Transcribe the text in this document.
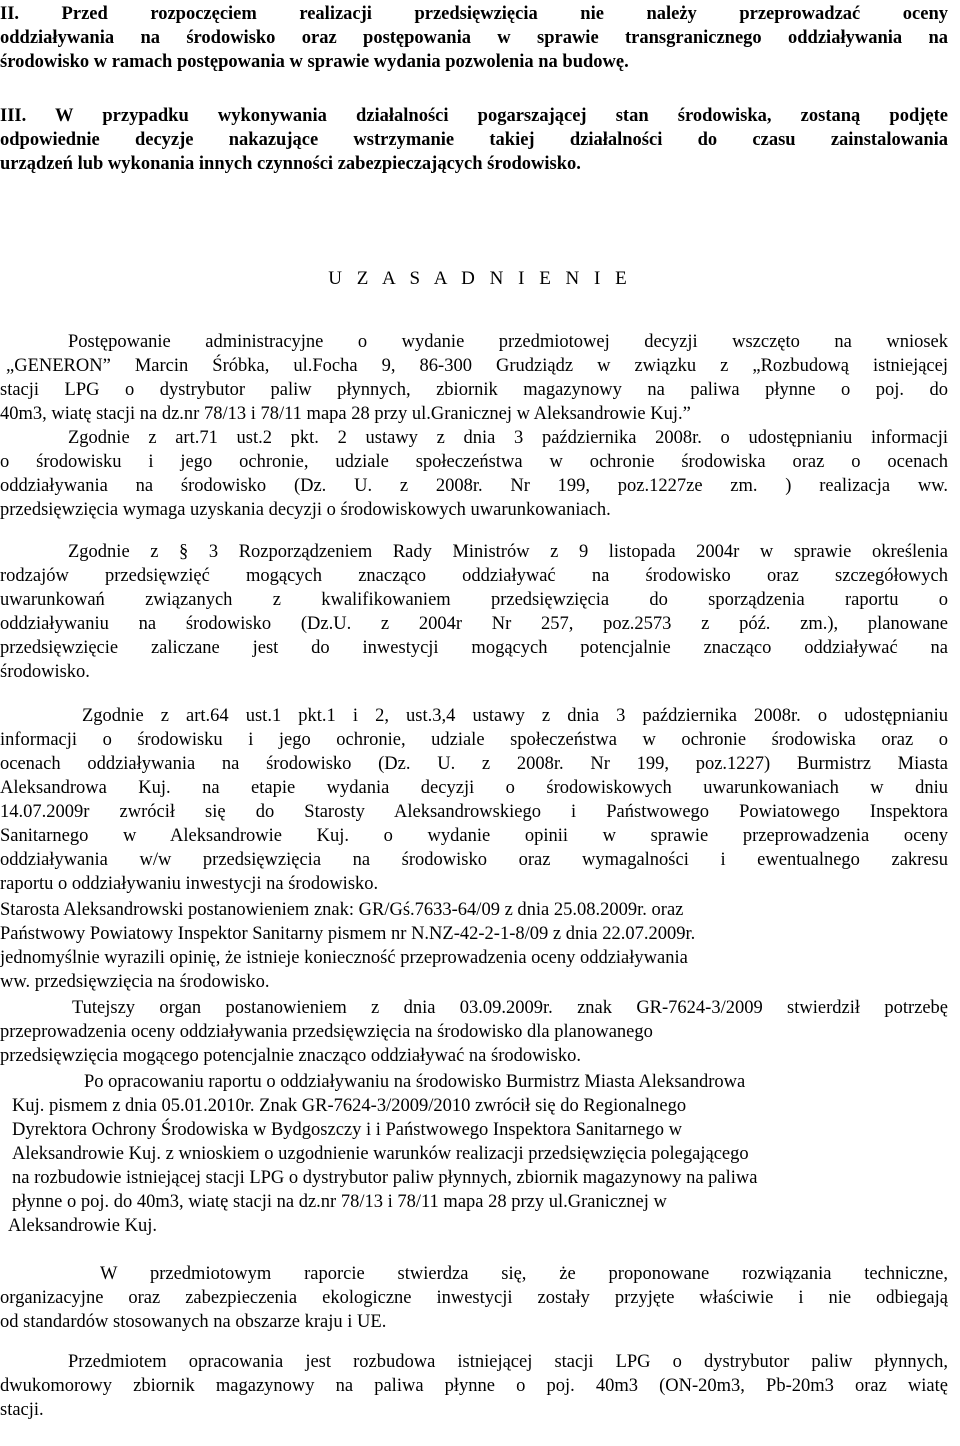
II. Przed rozpoczęciem realizacji przedsięwzięcia nie należy przeprowadzać oceny
oddziaływania na środowisko oraz postępowania w sprawie transgranicznego oddziaływania na
środowisko w ramach postępowania w sprawie wydania pozwolenia na budowę.
III. W przypadku wykonywania działalności pogarszającej stan środowiska, zostaną podjęte
odpowiednie decyzje nakazujące wstrzymanie takiej działalności do czasu zainstalowania
urządzeń lub wykonania innych czynności zabezpieczających środowisko.
Postępowanie administracyjne o wydanie przedmiotowej decyzji wszczęto na wniosek
„GENERON” Marcin Śróbka, ul.Focha 9, 86-300 Grudziądz w związku z „Rozbudową istniejącej
stacji LPG o dystrybutor paliw płynnych, zbiornik magazynowy na paliwa płynne o poj. do
40m3, wiatę stacji na dz.nr 78/13 i 78/11 mapa 28 przy ul.Granicznej w Aleksandrowie Kuj.”
Zgodnie z art.71 ust.2 pkt. 2 ustawy z dnia 3 października 2008r. o udostępnianiu informacji
o środowisku i jego ochronie, udziale społeczeństwa w ochronie środowiska oraz o ocenach
oddziaływania na środowisko (Dz. U. z 2008r. Nr 199, poz.1227ze zm. ) realizacja ww.
przedsięwzięcia wymaga uzyskania decyzji o środowiskowych uwarunkowaniach.
Zgodnie z § 3 Rozporządzeniem Rady Ministrów z 9 listopada 2004r w sprawie określenia
rodzajów przedsięwzięć mogących znacząco oddziaływać na środowisko oraz szczegółowych
uwarunkowań związanych z kwalifikowaniem przedsięwzięcia do sporządzenia raportu o
oddziaływaniu na środowisko (Dz.U. z 2004r Nr 257, poz.2573 z póź. zm.), planowane
przedsięwzięcie zaliczane jest do inwestycji mogących potencjalnie znacząco oddziaływać na
środowisko.
Zgodnie z art.64 ust.1 pkt.1 i 2, ust.3,4 ustawy z dnia 3 października 2008r. o udostępnianiu
informacji o środowisku i jego ochronie, udziale społeczeństwa w ochronie środowiska oraz o
ocenach oddziaływania na środowisko (Dz. U. z 2008r. Nr 199, poz.1227) Burmistrz Miasta
Aleksandrowa Kuj. na etapie wydania decyzji o środowiskowych uwarunkowaniach w dniu
14.07.2009r zwrócił się do Starosty Aleksandrowskiego i Państwowego Powiatowego Inspektora
Sanitarnego w Aleksandrowie Kuj. o wydanie opinii w sprawie przeprowadzenia oceny
oddziaływania w/w przedsięwzięcia na środowisko oraz wymagalności i ewentualnego zakresu
raportu o oddziaływaniu inwestycji na środowisko.
Starosta Aleksandrowski postanowieniem znak: GR/Gś.7633-64/09 z dnia 25.08.2009r. oraz
Państwowy Powiatowy Inspektor Sanitarny pismem nr N.NZ-42-2-1-8/09 z dnia 22.07.2009r.
jednomyślnie wyrazili opinię, że istnieje konieczność przeprowadzenia oceny oddziaływania
ww. przedsięwzięcia na środowisko.
Tutejszy organ postanowieniem z dnia 03.09.2009r. znak GR-7624-3/2009 stwierdził potrzebę
przeprowadzenia oceny oddziaływania przedsięwzięcia na środowisko dla planowanego
przedsięwzięcia mogącego potencjalnie znacząco oddziaływać na środowisko.
Po opracowaniu raportu o oddziaływaniu na środowisko Burmistrz Miasta Aleksandrowa
Kuj. pismem z dnia 05.01.2010r. Znak GR-7624-3/2009/2010 zwrócił się do Regionalnego
Dyrektora Ochrony Środowiska w Bydgoszczy i i Państwowego Inspektora Sanitarnego w
Aleksandrowie Kuj. z wnioskiem o uzgodnienie warunków realizacji przedsięwzięcia polegającego
na rozbudowie istniejącej stacji LPG o dystrybutor paliw płynnych, zbiornik magazynowy na paliwa
płynne o poj. do 40m3, wiatę stacji na dz.nr 78/13 i 78/11 mapa 28 przy ul.Granicznej w
Aleksandrowie Kuj.
W przedmiotowym raporcie stwierdza się, że proponowane rozwiązania techniczne,
organizacyjne oraz zabezpieczenia ekologiczne inwestycji zostały przyjęte właściwie i nie odbiegają
od standardów stosowanych na obszarze kraju i UE.
Przedmiotem opracowania jest rozbudowa istniejącej stacji LPG o dystrybutor paliw płynnych,
dwukomorowy zbiornik magazynowy na paliwa płynne o poj. 40m3 (ON-20m3, Pb-20m3 oraz wiatę
stacji.
U Z A S A D N I E N I E
